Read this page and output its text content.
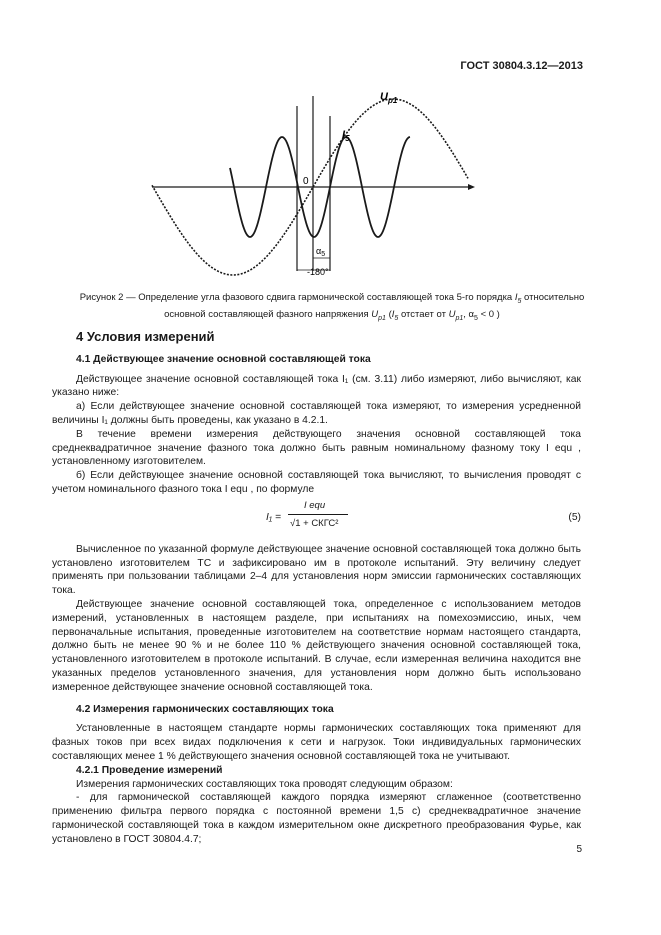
ГОСТ 30804.3.12—2013
$U_{p1}$
$I_5$
0
$\alpha_5$
-180°
Рисунок 2 — Определение угла фазового сдвига гармонической составляющей тока 5-го порядка $I_5$ относительно
основной составляющей фазного напряжения $U_{p1}$ ($I_5$ отстает от $U_{p1}$, $\alpha_5 < 0$ )
4 Условия измерений
4.1 Действующее значение основной составляющей тока

Действующее значение основной составляющей тока I₁ (см. 3.11) либо измеряют, либо вычисляют, как указано ниже:

а) Если действующее значение основной составляющей тока измеряют, то измерения усредненной величины I₁ должны быть проведены, как указано в 4.2.1.

В течение времени измерения действующего значения основной составляющей тока среднеквадратичное значение фазного тока должно быть равным номинальному фазному току I equ , установленному изготовителем.

б) Если действующее значение основной составляющей тока вычисляют, то вычисления проводят с учетом номинального фазного тока I equ , по формуле

I₁ =
I equ
√1 + СКГС²
(5)

Вычисленное по указанной формуле действующее значение основной составляющей тока должно быть установлено изготовителем ТС и зафиксировано им в протоколе испытаний. Эту величину следует применять при пользовании таблицами 2–4 для установления норм эмиссии гармонических составляющих тока.

Действующее значение основной составляющей тока, определенное с использованием методов измерений, установленных в настоящем разделе, при испытаниях на помехоэмиссию, иных, чем первоначальные испытания, проведенные изготовителем на соответствие нормам настоящего стандарта, должно быть не менее 90 % и не более 110 % действующего значения основной составляющей тока, установленного изготовителем в протоколе испытаний. В случае, если измеренная величина находится вне указанных пределов установленного значения, для установления норм должно быть использовано измеренное действующее значение основной составляющей тока.

4.2 Измерения гармонических составляющих тока

Установленные в настоящем стандарте нормы гармонических составляющих тока применяют для фазных токов при всех видах подключения к сети и нагрузок. Токи индивидуальных гармонических составляющих менее 1 % действующего значения основной составляющей тока не учитывают.

4.2.1 Проведение измерений

Измерения гармонических составляющих тока проводят следующим образом:

- для гармонической составляющей каждого порядка измеряют сглаженное (соответственно применению фильтра первого порядка с постоянной времени 1,5 с) среднеквадратичное значение гармонической составляющей тока в каждом измерительном окне дискретного преобразования Фурье, как установлено в ГОСТ 30804.4.7;

5
